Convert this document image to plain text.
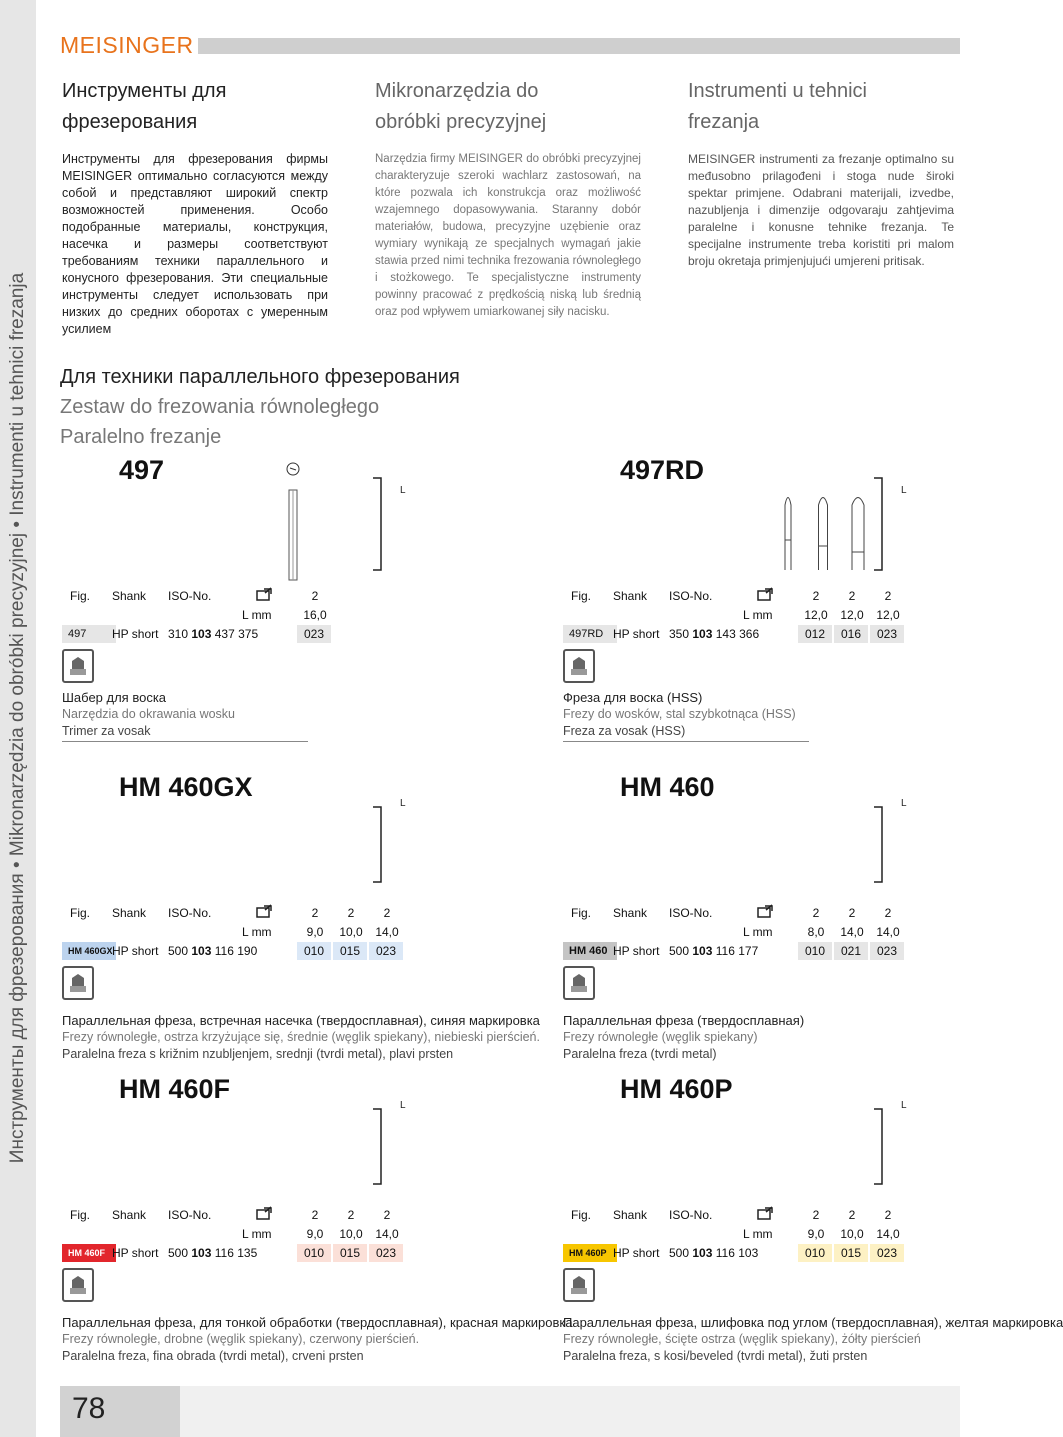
Инструменты для фрезерования • Mikronarzędzia do obróbki precyzyjnej • Instrumenti u tehnici frezanja
MEISINGER
Инструменты для
фрезерования
Mikronarzędzia do
obróbki precyzyjnej
Instrumenti u tehnici
frezanja
Инструменты для фрезерования фирмы MEISINGER оптимально согласуются между собой и представляют широкий спектр возможностей применения. Особо подобранные материалы, конструкция, насечка и размеры соответствуют требованиям техники параллельного и конусного фрезерования. Эти специальные инструменты следует использовать при низких до средних оборотах с умеренным усилием
Narzędzia firmy MEISINGER do obróbki precyzyjnej charakteryzuje szeroki wachlarz zastosowań, na które pozwala ich konstrukcja oraz możliwość wzajemnego dopasowywania. Staranny dobór materiałów, budowa, precyzyjne uzębienie oraz wymiary wynikają ze specjalnych wymagań jakie stawia przed nimi technika frezowania równoległego i stożkowego. Te specjalistyczne instrumenty powinny pracować z prędkością niską lub średnią oraz pod wpływem umiarkowanej siły nacisku.
MEISINGER instrumenti za frezanje optimalno su međusobno prilagođeni i stoga nude široki spektar primjene. Odabrani materijali, izvedbe, nazubljenja i dimenzije odgovaraju zahtjevima paralelne i konusne tehnike frezanja. Te specijalne instrumente treba koristiti pri malom broju okretaja primjenjujući umjereni pritisak.
Для техники параллельного фрезерования
Zestaw do frezowania równoległego
Paralelno frezanje
497
L
Fig. Shank ISO-No.	2
L mm	16,0
497	HP short 310 103 437 375	023
Шабер для воска
Narzędzia do okrawania wosku
Trimer za vosak
497RD
L
Fig. Shank ISO-No.	2	2	2
L mm	12,0	12,0	12,0
497RD HP short 350 103 143 366	012	016	023
Фреза для воска (HSS)
Frezy do wosków, stal szybkotnąca (HSS)
Freza za vosak (HSS)
HM 460GX
L
Fig. Shank ISO-No.	2	2	2
L mm	9,0	10,0	14,0
HM 460GX HP short 500 103 116 190	010	015	023
Параллельная фреза, встречная насечка (твердосплавная), синяя маркировка
Frezy równoległe, ostrza krzyżujące się, średnie (węglik spiekany), niebieski pierścień.
Paralelna freza s križnim nzubljenjem, srednji (tvrdi metal), plavi prsten
HM 460
L
Fig. Shank ISO-No.	2	2	2
L mm	8,0	14,0	14,0
HM 460 HP short 500 103 116 177	010	021	023
Параллельная фреза (твердосплавная)
Frezy równoległe (węglik spiekany)
Paralelna freza (tvrdi metal)
HM 460F
L
Fig. Shank ISO-No.	2	2	2
L mm	9,0	10,0	14,0
HM 460F HP short 500 103 116 135	010	015	023
Параллельная фреза, для тонкой обработки (твердосплавная), красная маркировка
Frezy równoległe, drobne (węglik spiekany), czerwony pierścień.
Paralelna freza, fina obrada (tvrdi metal), crveni prsten
HM 460P
L
Fig. Shank ISO-No.	2	2	2
L mm	9,0	10,0	14,0
HM 460P HP short 500 103 116 103	010	015	023
Параллельная фреза, шлифовка под углом (твердосплавная), желтая маркировка
Frezy równoległe, ścięte ostrza (węglik spiekany), żółty pierścień
Paralelna freza, s kosi/beveled (tvrdi metal), žuti prsten
78
